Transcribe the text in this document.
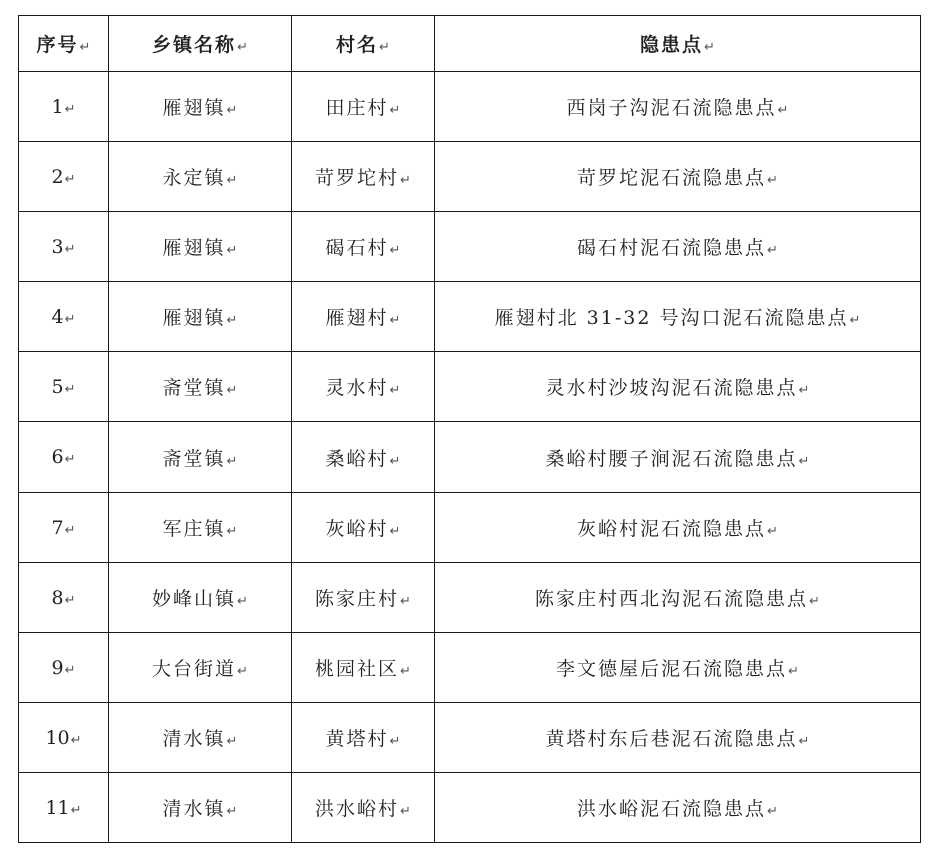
序号↵	乡镇名称↵	村名↵	隐患点↵
1↵	雁翅镇↵	田庄村↵	西岗子沟泥石流隐患点↵
2↵	永定镇↵	苛罗坨村↵	苛罗坨泥石流隐患点↵
3↵	雁翅镇↵	碣石村↵	碣石村泥石流隐患点↵
4↵	雁翅镇↵	雁翅村↵	雁翅村北 31-32 号沟口泥石流隐患点↵
5↵	斋堂镇↵	灵水村↵	灵水村沙坡沟泥石流隐患点↵
6↵	斋堂镇↵	桑峪村↵	桑峪村腰子涧泥石流隐患点↵
7↵	军庄镇↵	灰峪村↵	灰峪村泥石流隐患点↵
8↵	妙峰山镇↵	陈家庄村↵	陈家庄村西北沟泥石流隐患点↵
9↵	大台街道↵	桃园社区↵	李文德屋后泥石流隐患点↵
10↵	清水镇↵	黄塔村↵	黄塔村东后巷泥石流隐患点↵
11↵	清水镇↵	洪水峪村↵	洪水峪泥石流隐患点↵
